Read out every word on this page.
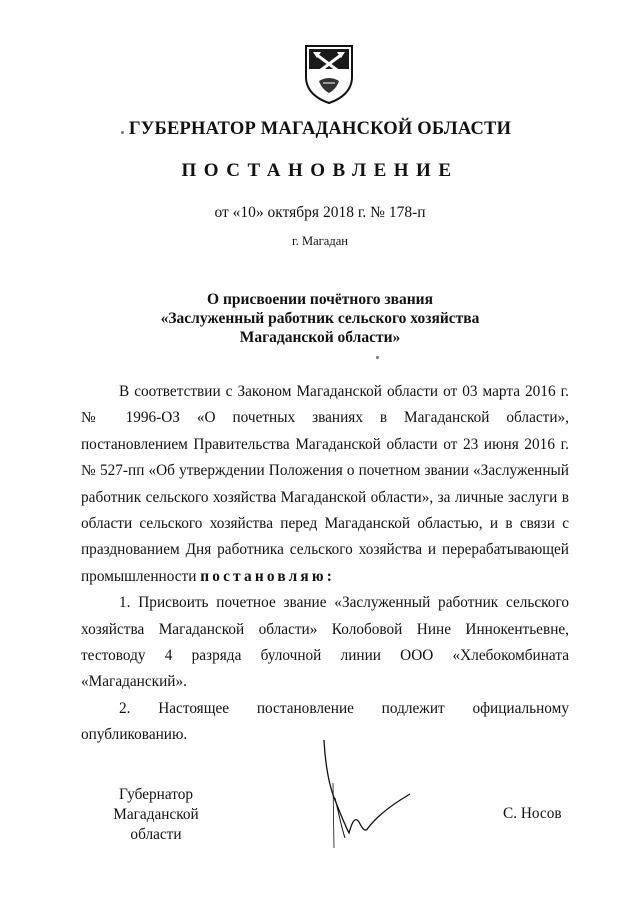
ГУБЕРНАТОР МАГАДАНСКОЙ ОБЛАСТИ
ПОСТАНОВЛЕНИЕ
от «10» октября 2018 г. № 178-п
г. Магадан
О присвоении почётного звания
«Заслуженный работник сельского хозяйства
Магаданской области»

В соответствии с Законом Магаданской области от 03 марта 2016 г. № 1996-ОЗ «О почетных званиях в Магаданской области», постановлением Правительства Магаданской области от 23 июня 2016 г. № 527-пп «Об утверждении Положения о почетном звании «Заслуженный работник сельского хозяйства Магаданской области», за личные заслуги в области сельского хозяйства перед Магаданской областью, и в связи с празднованием Дня работника сельского хозяйства и перерабатывающей промышленности постановляю:

1. Присвоить почетное звание «Заслуженный работник сельского хозяйства Магаданской области» Колобовой Нине Иннокентьевне, тестоводу 4 разряда булочной линии ООО «Хлебокомбината «Магаданский».

2. Настоящее постановление подлежит официальному опубликованию.

Губернатор
Магаданской области
С. Носов
